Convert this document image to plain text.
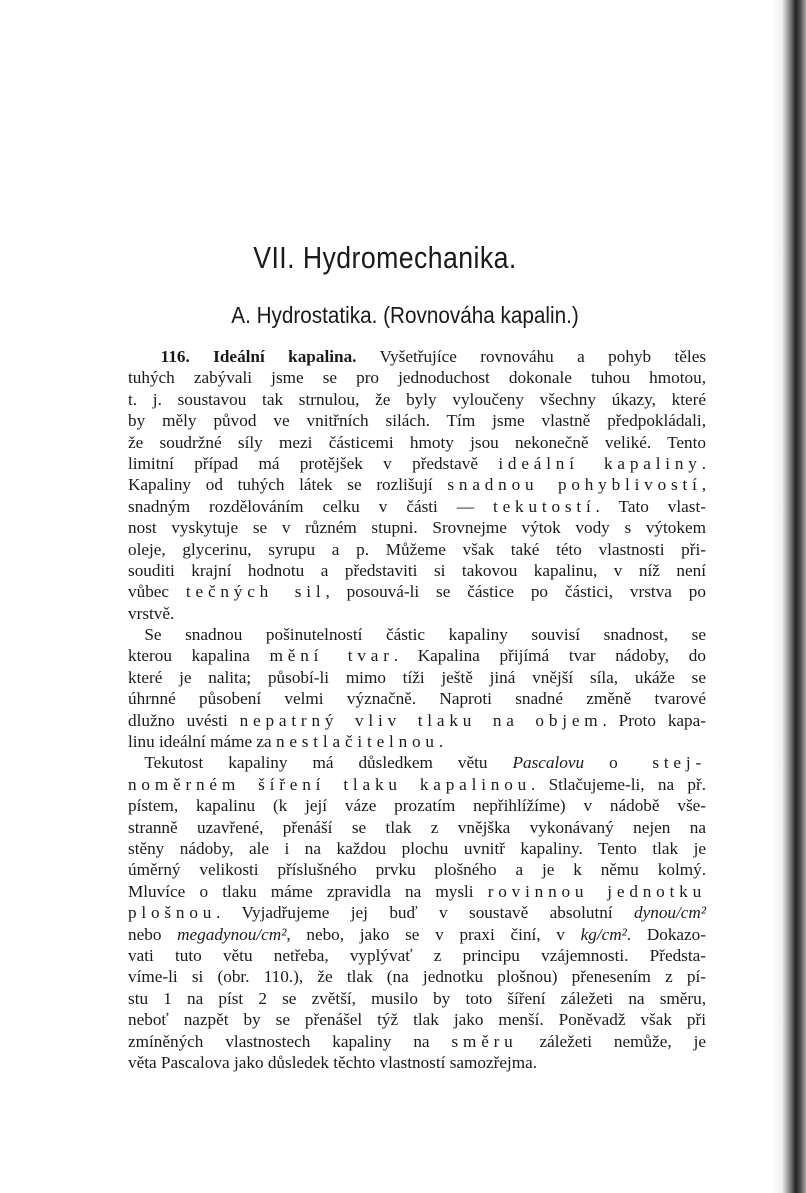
VII. Hydromechanika.
A. Hydrostatika. (Rovnováha kapalin.)
116. Ideální kapalina. Vyšetřujíce rovnováhu a pohyb těles
tuhých zabývali jsme se pro jednoduchost dokonale tuhou hmotou,
t. j. soustavou tak strnulou, že byly vyloučeny všechny úkazy, které
by měly původ ve vnitřních silách. Tím jsme vlastně předpokládali,
že soudržné síly mezi částicemi hmoty jsou nekonečně veliké. Tento
limitní případ má protějšek v představě ideální kapaliny.
Kapaliny od tuhých látek se rozlišují snadnou pohyblivostí,
snadným rozdělováním celku v části — tekutostí. Tato vlast-
nost vyskytuje se v různém stupni. Srovnejme výtok vody s výtokem
oleje, glycerinu, syrupu a p. Můžeme však také této vlastnosti při-
souditi krajní hodnotu a představiti si takovou kapalinu, v níž není
vůbec tečných sil, posouvá-li se částice po částici, vrstva po
vrstvě.
Se snadnou pošinutelností částic kapaliny souvisí snadnost, se
kterou kapalina mění tvar. Kapalina přijímá tvar nádoby, do
které je nalita; působí-li mimo tíži ještě jiná vnější síla, ukáže se
úhrnné působení velmi význačně. Naproti snadné změně tvarové
dlužno uvésti nepatrný vliv tlaku na objem. Proto kapa-
linu ideální máme za nestlačitelnou.
Tekutost kapaliny má důsledkem větu Pascalovu o stej-
noměrném šíření tlaku kapalinou. Stlačujeme-li, na př.
pístem, kapalinu (k její váze prozatím nepřihlížíme) v nádobě vše-
stranně uzavřené, přenáší se tlak z vnějška vykonávaný nejen na
stěny nádoby, ale i na každou plochu uvnitř kapaliny. Tento tlak je
úměrný velikosti příslušného prvku plošného a je k němu kolmý.
Mluvíce o tlaku máme zpravidla na mysli rovinnou jednotku
plošnou. Vyjadřujeme jej buď v soustavě absolutní dynou/cm²
nebo megadynou/cm², nebo, jako se v praxi činí, v kg/cm². Dokazo-
vati tuto větu netřeba, vyplývať z principu vzájemnosti. Předsta-
víme-li si (obr. 110.), že tlak (na jednotku plošnou) přenesením z pí-
stu 1 na píst 2 se zvětší, musilo by toto šíření záležeti na směru,
neboť nazpět by se přenášel týž tlak jako menší. Poněvadž však při
zmíněných vlastnostech kapaliny na směru záležeti nemůže, je
věta Pascalova jako důsledek těchto vlastností samozřejma.
